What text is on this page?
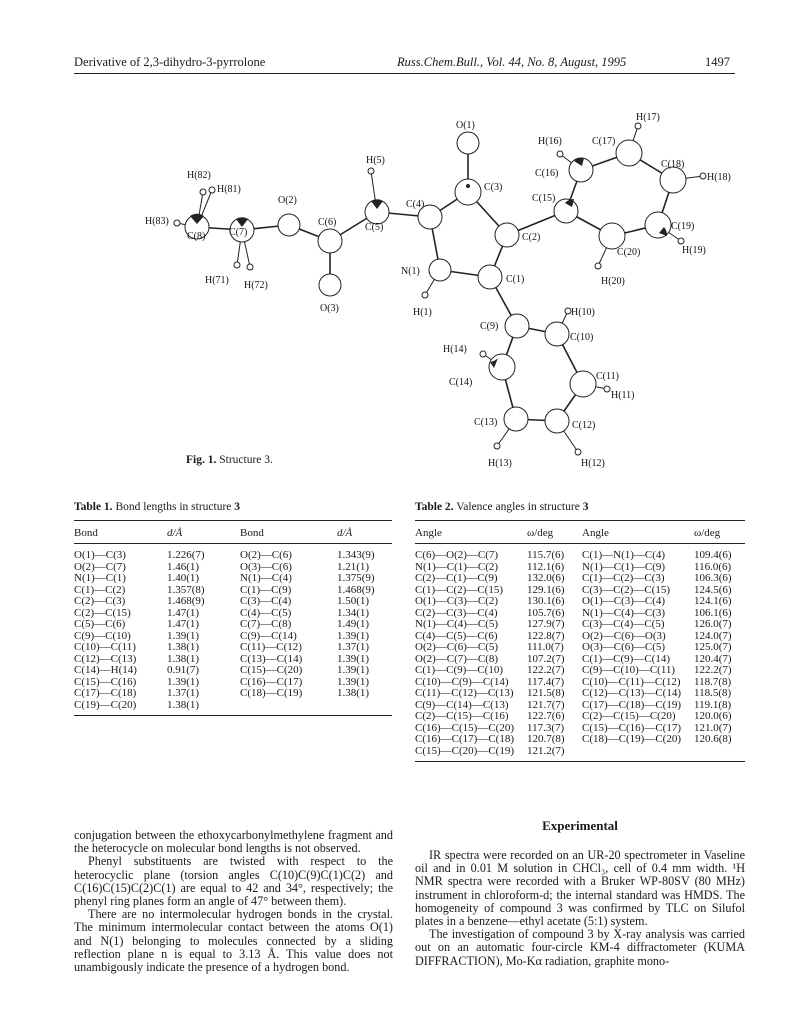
Derivative of 2,3-dihydro-3-pyrrolone	Russ.Chem.Bull., Vol. 44, No. 8, August, 1995	1497
O(1)
H(17)
H(16)	C(17)
C(16)
C(18)
H(18)
H(5)
C(3)
C(15)
H(82)
H(81)
O(2)	C(4)
C(19)
H(83)
C(8) C(7)
C(6)	C(5)
C(2)
C(20)	H(19)
N(1)
C(1)	H(20)
H(71) H(72)
O(3)	H(1)
C(9)
H(10)
C(10)
H(14)
C(14)
C(11)
H(11)
C(13)	C(12)
H(13)	H(12)
Fig. 1. Structure 3.
Table 1. Bond lengths in structure 3
Bond	d/Å	Bond	d/Å
O(1)—C(3)	1.226(7)	O(2)—C(6)	1.343(9)
O(2)—C(7)	1.46(1)	O(3)—C(6)	1.21(1)
N(1)—C(1)	1.40(1)	N(1)—C(4)	1.375(9)
C(1)—C(2)	1.357(8)	C(1)—C(9)	1.468(9)
C(2)—C(3)	1.468(9)	C(3)—C(4)	1.50(1)
C(2)—C(15)	1.47(1)	C(4)—C(5)	1.34(1)
C(5)—C(6)	1.47(1)	C(7)—C(8)	1.49(1)
C(9)—C(10)	1.39(1)	C(9)—C(14)	1.39(1)
C(10)—C(11)	1.38(1)	C(11)—C(12)	1.37(1)
C(12)—C(13)	1.38(1)	C(13)—C(14)	1.39(1)
C(14)—H(14)	0.91(7)	C(15)—C(20)	1.39(1)
C(15)—C(16)	1.39(1)	C(16)—C(17)	1.39(1)
C(17)—C(18)	1.37(1)	C(18)—C(19)	1.38(1)
C(19)—C(20)	1.38(1)		
Table 2. Valence angles in structure 3
Angle	ω/deg	Angle	ω/deg
C(6)—O(2)—C(7)	115.7(6)	C(1)—N(1)—C(4)	109.4(6)
N(1)—C(1)—C(2)	112.1(6)	N(1)—C(1)—C(9)	116.0(6)
C(2)—C(1)—C(9)	132.0(6)	C(1)—C(2)—C(3)	106.3(6)
C(1)—C(2)—C(15)	129.1(6)	C(3)—C(2)—C(15)	124.5(6)
O(1)—C(3)—C(2)	130.1(6)	O(1)—C(3)—C(4)	124.1(6)
C(2)—C(3)—C(4)	105.7(6)	N(1)—C(4)—C(3)	106.1(6)
N(1)—C(4)—C(5)	127.9(7)	C(3)—C(4)—C(5)	126.0(7)
C(4)—C(5)—C(6)	122.8(7)	O(2)—C(6)—O(3)	124.0(7)
O(2)—C(6)—C(5)	111.0(7)	O(3)—C(6)—C(5)	125.0(7)
O(2)—C(7)—C(8)	107.2(7)	C(1)—C(9)—C(14)	120.4(7)
C(1)—C(9)—C(10)	122.2(7)	C(9)—C(10)—C(11)	122.2(7)
C(10)—C(9)—C(14)	117.4(7)	C(10)—C(11)—C(12)	118.7(8)
C(11)—C(12)—C(13)	121.5(8)	C(12)—C(13)—C(14)	118.5(8)
C(9)—C(14)—C(13)	121.7(7)	C(17)—C(18)—C(19)	119.1(8)
C(2)—C(15)—C(16)	122.7(6)	C(2)—C(15)—C(20)	120.0(6)
C(16)—C(15)—C(20)	117.3(7)	C(15)—C(16)—C(17)	121.0(7)
C(16)—C(17)—C(18)	120.7(8)	C(18)—C(19)—C(20)	120.6(8)
C(15)—C(20)—C(19)	121.2(7)		

conjugation between the ethoxycarbonylmethylene fragment and the heterocycle on molecular bond lengths is not observed.

Phenyl substituents are twisted with respect to the heterocyclic plane (torsion angles C(10)C(9)C(1)C(2) and C(16)C(15)C(2)C(1) are equal to 42 and 34°, respectively; the phenyl ring planes form an angle of 47° between them).

There are no intermolecular hydrogen bonds in the crystal. The minimum intermolecular contact between the atoms O(1) and N(1) belonging to molecules connected by a sliding reflection plane n is equal to 3.13 Å. This value does not unambigously indicate the presence of a hydrogen bond.

Experimental

IR spectra were recorded on an UR-20 spectrometer in Vaseline oil and in 0.01 M solution in CHCl₃, cell of 0.4 mm width. ¹H NMR spectra were recorded with a Bruker WP-80SV (80 MHz) instrument in chloroform-d; the internal standard was HMDS. The homogeneity of compound 3 was confirmed by TLC on Silufol plates in a benzene—ethyl acetate (5:1) system.

The investigation of compound 3 by X-ray analysis was carried out on an automatic four-circle KM-4 diffractometer (KUMA DIFFRACTION), Mo-Kα radiation, graphite mono-
